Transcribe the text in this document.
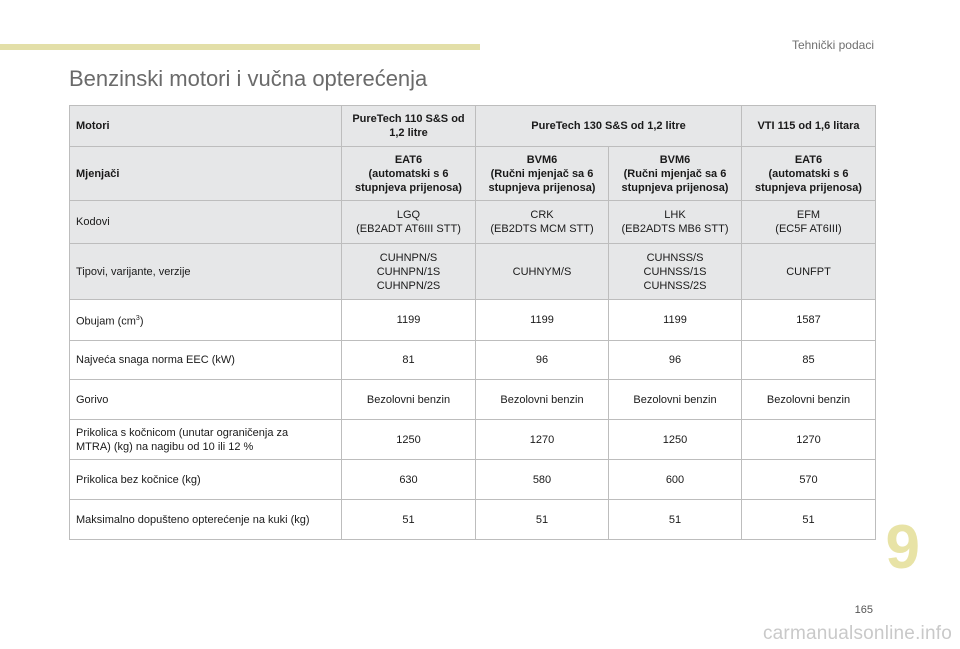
Tehnički podaci
Benzinski motori i vučna opterećenja
Motori	PureTech 110 S&S od
1,2 litre	PureTech 130 S&S od 1,2 litre		VTI 115 od 1,6 litara
Mjenjači	EAT6
(automatski s 6
stupnjeva prijenosa)	BVM6
(Ručni mjenjač sa 6
stupnjeva prijenosa)	BVM6
(Ručni mjenjač sa 6
stupnjeva prijenosa)	EAT6
(automatski s 6
stupnjeva prijenosa)
Kodovi	LGQ
(EB2ADT AT6III STT)	CRK
(EB2DTS MCM STT)	LHK
(EB2ADTS MB6 STT)	EFM
(EC5F AT6III)
Tipovi, varijante, verzije	CUHNPN/S
CUHNPN/1S
CUHNPN/2S	CUHNYM/S	CUHNSS/S
CUHNSS/1S
CUHNSS/2S	CUNFPT
Obujam $(cm^3)$	1199	1199	1199	1587
Najveća snaga norma EEC (kW)	81	96	96	85
Gorivo	Bezolovni benzin	Bezolovni benzin	Bezolovni benzin	Bezolovni benzin
Prikolica s kočnicom (unutar ograničenja za
MTRA) (kg) na nagibu od 10 ili 12 %	1250	1270	1250	1270
Prikolica bez kočnice (kg)	630	580	600	570
Maksimalno dopušteno opterećenje na kuki (kg)	51	51	51	51 9
165
carmanualsonline.info
